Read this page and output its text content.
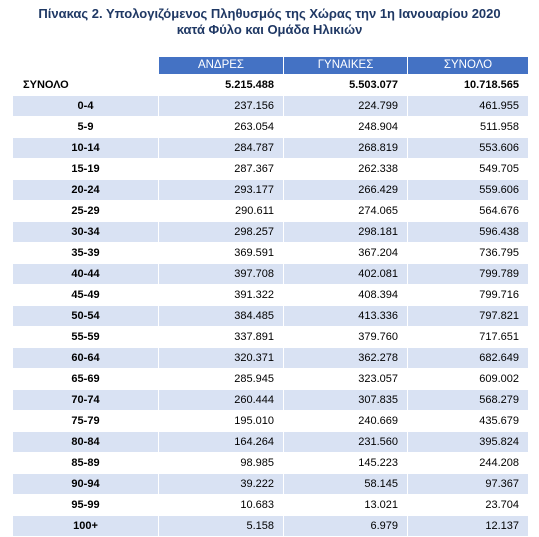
Πίνακας 2. Υπολογιζόμενος Πληθυσμός της Χώρας την 1η Ιανουαρίου 2020
κατά Φύλο και Ομάδα Ηλικιών
	ΑΝΔΡΕΣ	ΓΥΝΑΙΚΕΣ	ΣΥΝΟΛΟ
ΣΥΝΟΛΟ	5.215.488	5.503.077	10.718.565
0-4	237.156	224.799	461.955
5-9	263.054	248.904	511.958
10-14	284.787	268.819	553.606
15-19	287.367	262.338	549.705
20-24	293.177	266.429	559.606
25-29	290.611	274.065	564.676
30-34	298.257	298.181	596.438
35-39	369.591	367.204	736.795
40-44	397.708	402.081	799.789
45-49	391.322	408.394	799.716
50-54	384.485	413.336	797.821
55-59	337.891	379.760	717.651
60-64	320.371	362.278	682.649
65-69	285.945	323.057	609.002
70-74	260.444	307.835	568.279
75-79	195.010	240.669	435.679
80-84	164.264	231.560	395.824
85-89	98.985	145.223	244.208
90-94	39.222	58.145	97.367
95-99	10.683	13.021	23.704
100+	5.158	6.979	12.137
